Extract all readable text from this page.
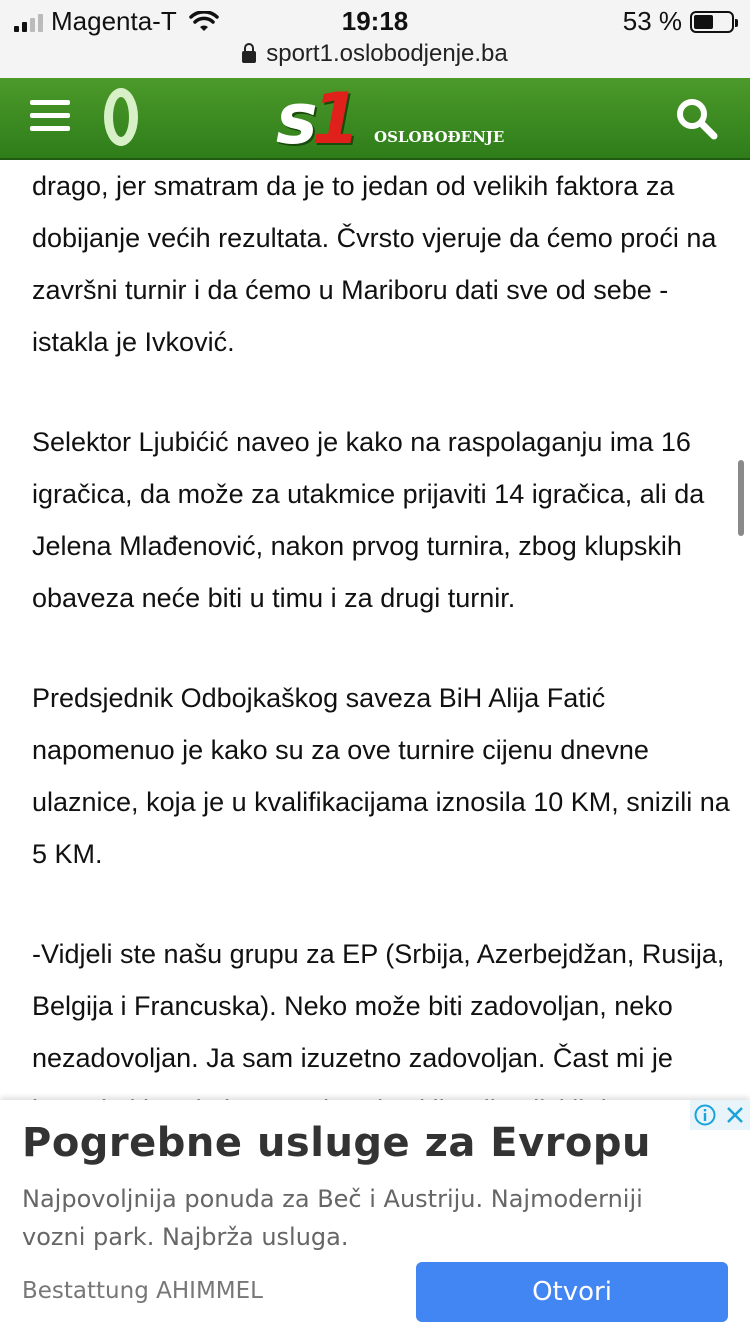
Magenta-T	19:18	53 %
sport1.oslobodjenje.ba
s1 OSLOBOĐENJE

drago, jer smatram da je to jedan od velikih faktora za dobijanje većih rezultata. Čvrsto vjeruje da ćemo proći na završni turnir i da ćemo u Mariboru dati sve od sebe - istakla je Ivković.

Selektor Ljubićić naveo je kako na raspolaganju ima 16 igračica, da može za utakmice prijaviti 14 igračica, ali da Jelena Mlađenović, nakon prvog turnira, zbog klupskih obaveza neće biti u timu i za drugi turnir.

Predsjednik Odbojkaškog saveza BiH Alija Fatić napomenuo je kako su za ove turnire cijenu dnevne ulaznice, koja je u kvalifikacijama iznosila 10 KM, snizili na 5 KM.

-Vidjeli ste našu grupu za EP (Srbija, Azerbejdžan, Rusija, Belgija i Francuska). Neko može biti zadovoljan, neko nezadovoljan. Ja sam izuzetno zadovoljan. Čast mi je

Pogrebne usluge za Evropu
Najpovoljnija ponuda za Beč i Austriju. Najmoderniji vozni park. Najbrža usluga.
Bestattung AHIMMEL	Otvori
